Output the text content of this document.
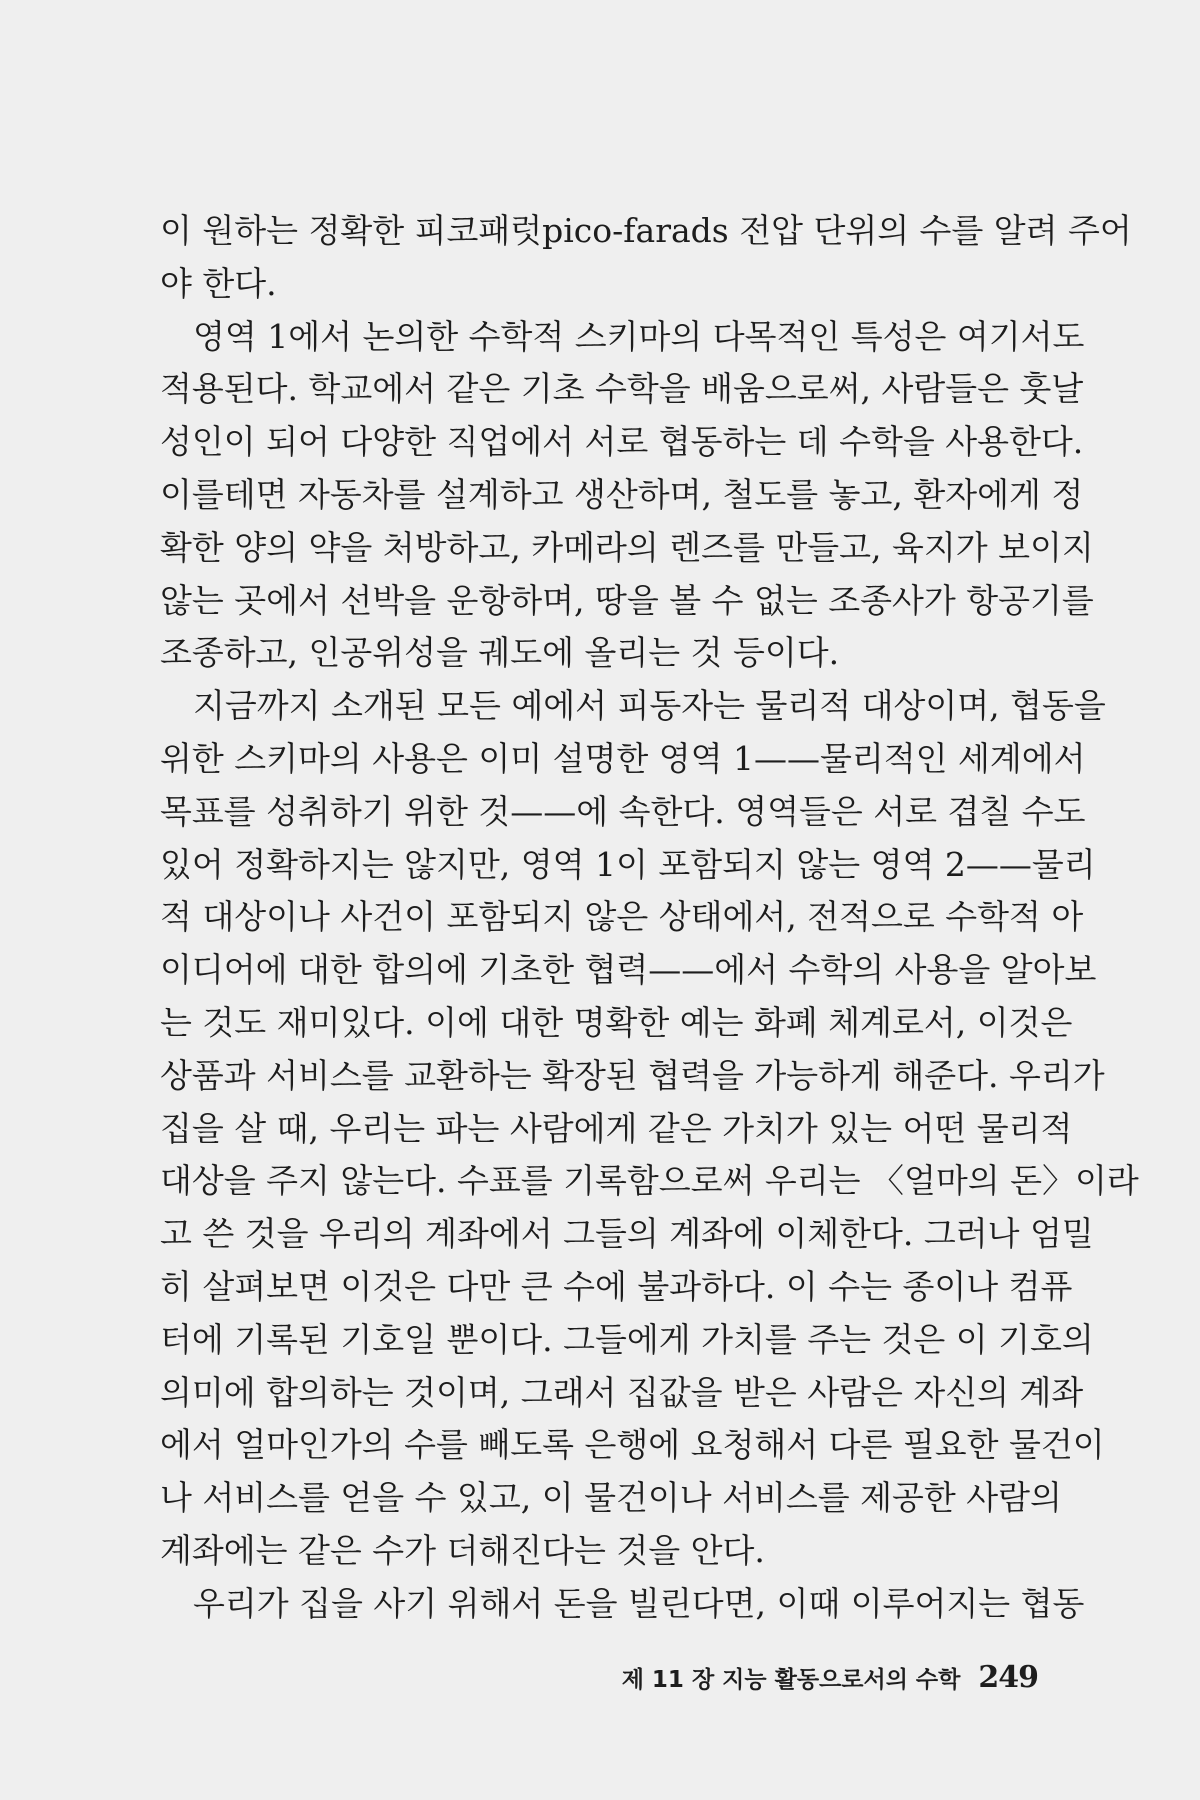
이 원하는 정확한 피코패럿pico-farads 전압 단위의 수를 알려 주어
야 한다.
영역 1에서 논의한 수학적 스키마의 다목적인 특성은 여기서도
적용된다. 학교에서 같은 기초 수학을 배움으로써, 사람들은 훗날
성인이 되어 다양한 직업에서 서로 협동하는 데 수학을 사용한다.
이를테면 자동차를 설계하고 생산하며, 철도를 놓고, 환자에게 정
확한 양의 약을 처방하고, 카메라의 렌즈를 만들고, 육지가 보이지
않는 곳에서 선박을 운항하며, 땅을 볼 수 없는 조종사가 항공기를
조종하고, 인공위성을 궤도에 올리는 것 등이다.
지금까지 소개된 모든 예에서 피동자는 물리적 대상이며, 협동을
위한 스키마의 사용은 이미 설명한 영역 1——물리적인 세계에서
목표를 성취하기 위한 것——에 속한다. 영역들은 서로 겹칠 수도
있어 정확하지는 않지만, 영역 1이 포함되지 않는 영역 2——물리
적 대상이나 사건이 포함되지 않은 상태에서, 전적으로 수학적 아
이디어에 대한 합의에 기초한 협력——에서 수학의 사용을 알아보
는 것도 재미있다. 이에 대한 명확한 예는 화폐 체계로서, 이것은
상품과 서비스를 교환하는 확장된 협력을 가능하게 해준다. 우리가
집을 살 때, 우리는 파는 사람에게 같은 가치가 있는 어떤 물리적
대상을 주지 않는다. 수표를 기록함으로써 우리는 〈얼마의 돈〉이라
고 쓴 것을 우리의 계좌에서 그들의 계좌에 이체한다. 그러나 엄밀
히 살펴보면 이것은 다만 큰 수에 불과하다. 이 수는 종이나 컴퓨
터에 기록된 기호일 뿐이다. 그들에게 가치를 주는 것은 이 기호의
의미에 합의하는 것이며, 그래서 집값을 받은 사람은 자신의 계좌
에서 얼마인가의 수를 빼도록 은행에 요청해서 다른 필요한 물건이
나 서비스를 얻을 수 있고, 이 물건이나 서비스를 제공한 사람의
계좌에는 같은 수가 더해진다는 것을 안다.
우리가 집을 사기 위해서 돈을 빌린다면, 이때 이루어지는 협동
제 11 장 지능 활동으로서의 수학 249
